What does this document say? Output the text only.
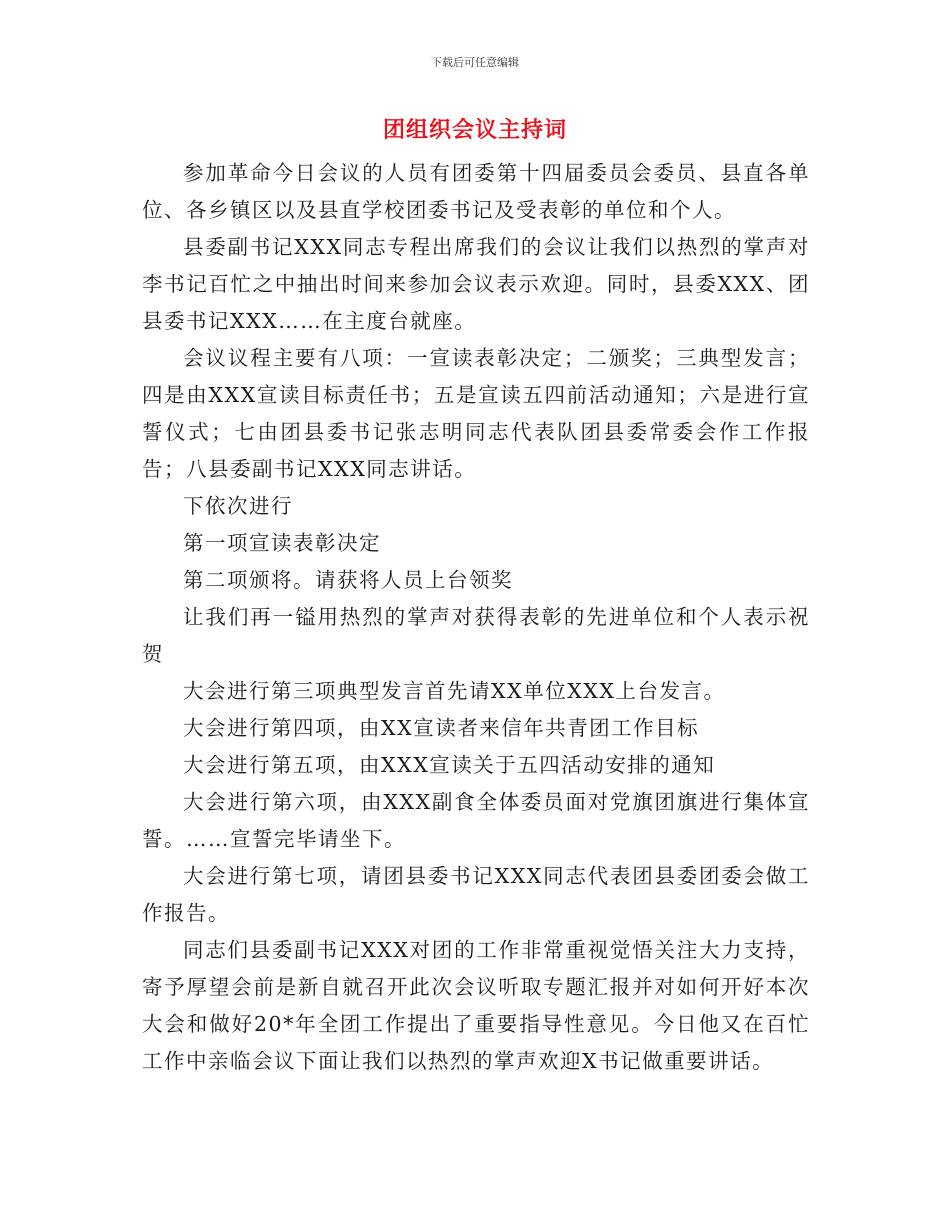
下载后可任意编辑
团组织会议主持词

参加革命今日会议的人员有团委第十四届委员会委员、县直各单位、各乡镇区以及县直学校团委书记及受表彰的单位和个人。

县委副书记XXX同志专程出席我们的会议让我们以热烈的掌声对李书记百忙之中抽出时间来参加会议表示欢迎。同时，县委XXX、团县委书记XXX……在主度台就座。

会议议程主要有八项：一宣读表彰决定；二颁奖；三典型发言；四是由XXX宣读目标责任书；五是宣读五四前活动通知；六是进行宣誓仪式；七由团县委书记张志明同志代表队团县委常委会作工作报告；八县委副书记XXX同志讲话。

下依次进行

第一项宣读表彰决定

第二项颁将。请获将人员上台领奖

让我们再一镒用热烈的掌声对获得表彰的先进单位和个人表示祝贺

大会进行第三项典型发言首先请XX单位XXX上台发言。

大会进行第四项，由XX宣读者来信年共青团工作目标

大会进行第五项，由XXX宣读关于五四活动安排的通知

大会进行第六项，由XXX副食全体委员面对党旗团旗进行集体宣誓。……宣誓完毕请坐下。

大会进行第七项，请团县委书记XXX同志代表团县委团委会做工作报告。

同志们县委副书记XXX对团的工作非常重视觉悟关注大力支持，寄予厚望会前是新自就召开此次会议听取专题汇报并对如何开好本次大会和做好20*年全团工作提出了重要指导性意见。今日他又在百忙工作中亲临会议下面让我们以热烈的掌声欢迎X书记做重要讲话。
